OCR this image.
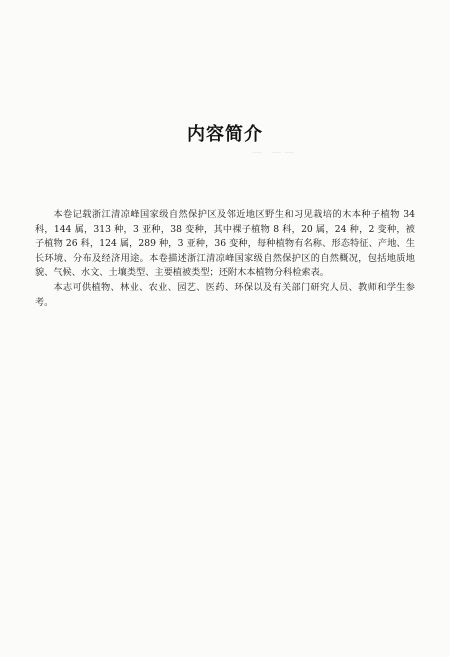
内容简介
— ——

本卷记载浙江清凉峰国家级自然保护区及邻近地区野生和习见栽培的木本种子植物 34 科，144 属，313 种，3 亚种，38 变种，其中裸子植物 8 科，20 属，24 种，2 变种，被子植物 26 科，124 属，289 种，3 亚种，36 变种，每种植物有名称、形态特征、产地、生长环境、分布及经济用途。本卷描述浙江清凉峰国家级自然保护区的自然概况，包括地质地貌、气候、水文、土壤类型、主要植被类型；还附木本植物分科检索表。

本志可供植物、林业、农业、园艺、医药、环保以及有关部门研究人员、教师和学生参考。
